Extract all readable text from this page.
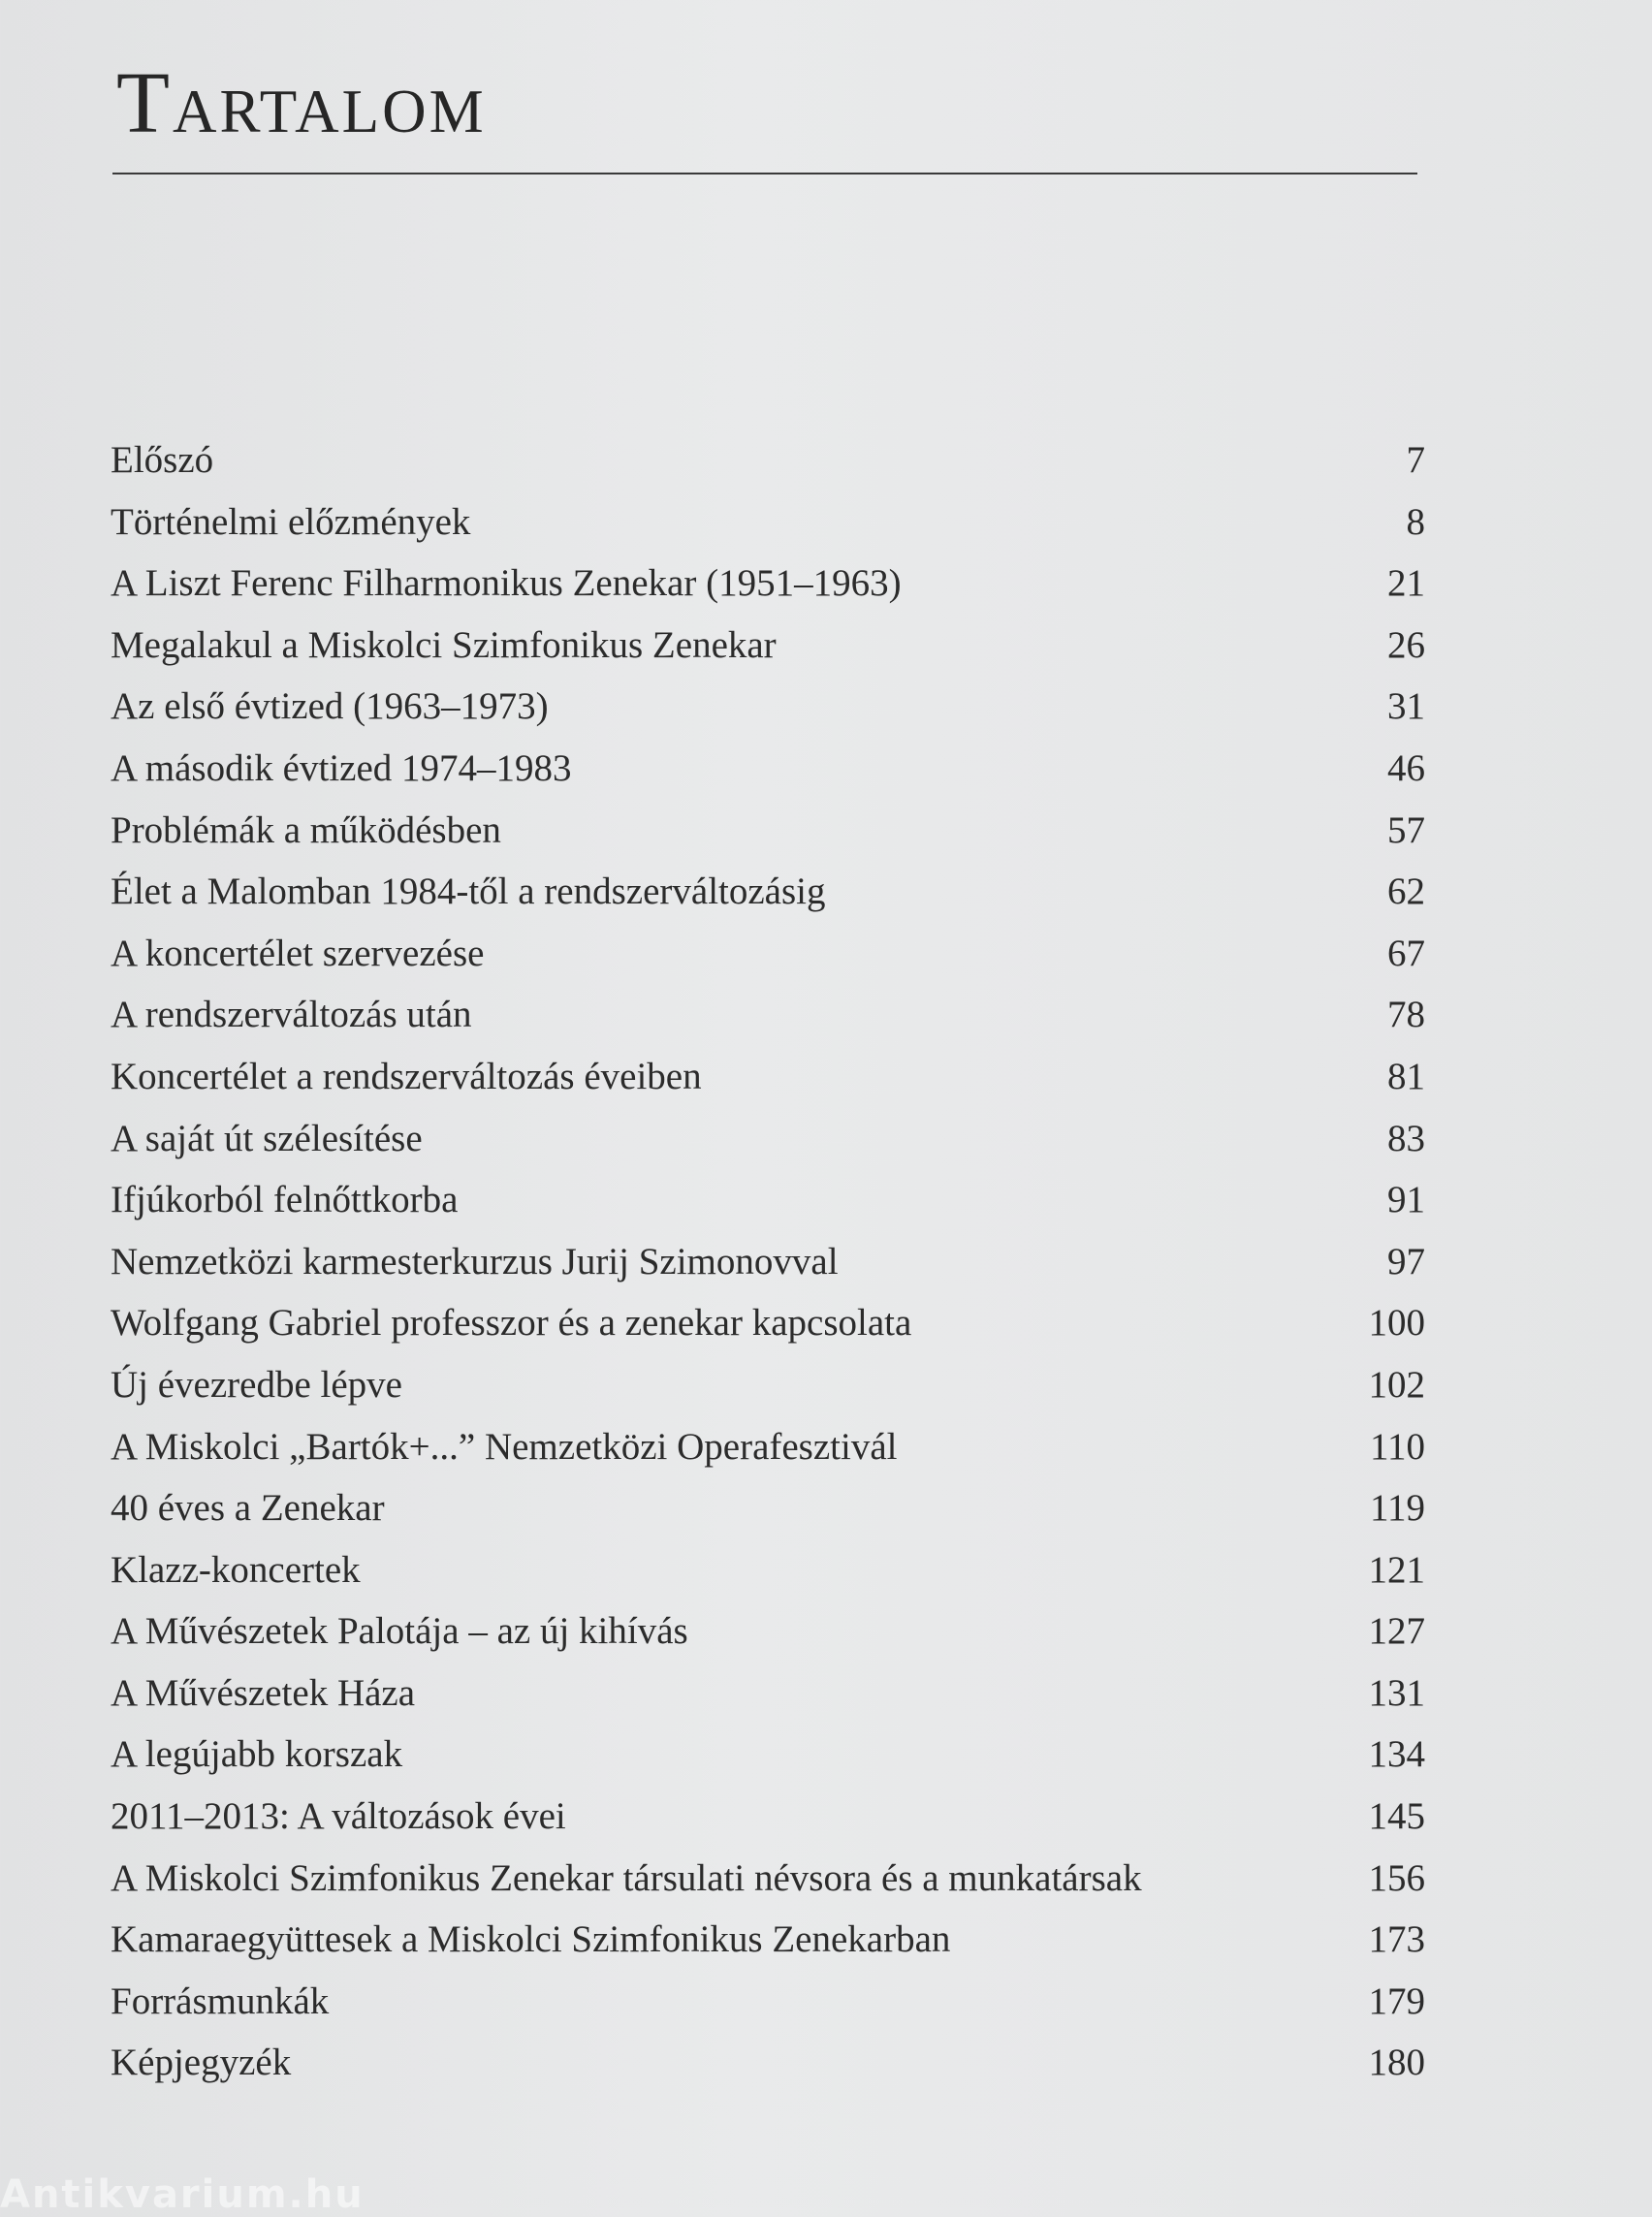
Tartalom
Előszó	7
Történelmi előzmények	8
A Liszt Ferenc Filharmonikus Zenekar (1951–1963)	21
Megalakul a Miskolci Szimfonikus Zenekar	26
Az első évtized (1963–1973)	31
A második évtized 1974–1983	46
Problémák a működésben	57
Élet a Malomban 1984-től a rendszerváltozásig	62
A koncertélet szervezése	67
A rendszerváltozás után	78
Koncertélet a rendszerváltozás éveiben	81
A saját út szélesítése	83
Ifjúkorból felnőttkorba	91
Nemzetközi karmesterkurzus Jurij Szimonovval	97
Wolfgang Gabriel professzor és a zenekar kapcsolata	100
Új évezredbe lépve	102
A Miskolci „Bartók+...” Nemzetközi Operafesztivál	110
40 éves a Zenekar	119
Klazz-koncertek	121
A Művészetek Palotája – az új kihívás	127
A Művészetek Háza	131
A legújabb korszak	134
2011–2013: A változások évei	145
A Miskolci Szimfonikus Zenekar társulati névsora és a munkatársak	156
Kamaraegyüttesek a Miskolci Szimfonikus Zenekarban	173
Forrásmunkák	179
Képjegyzék	180
Antikvarium.hu
